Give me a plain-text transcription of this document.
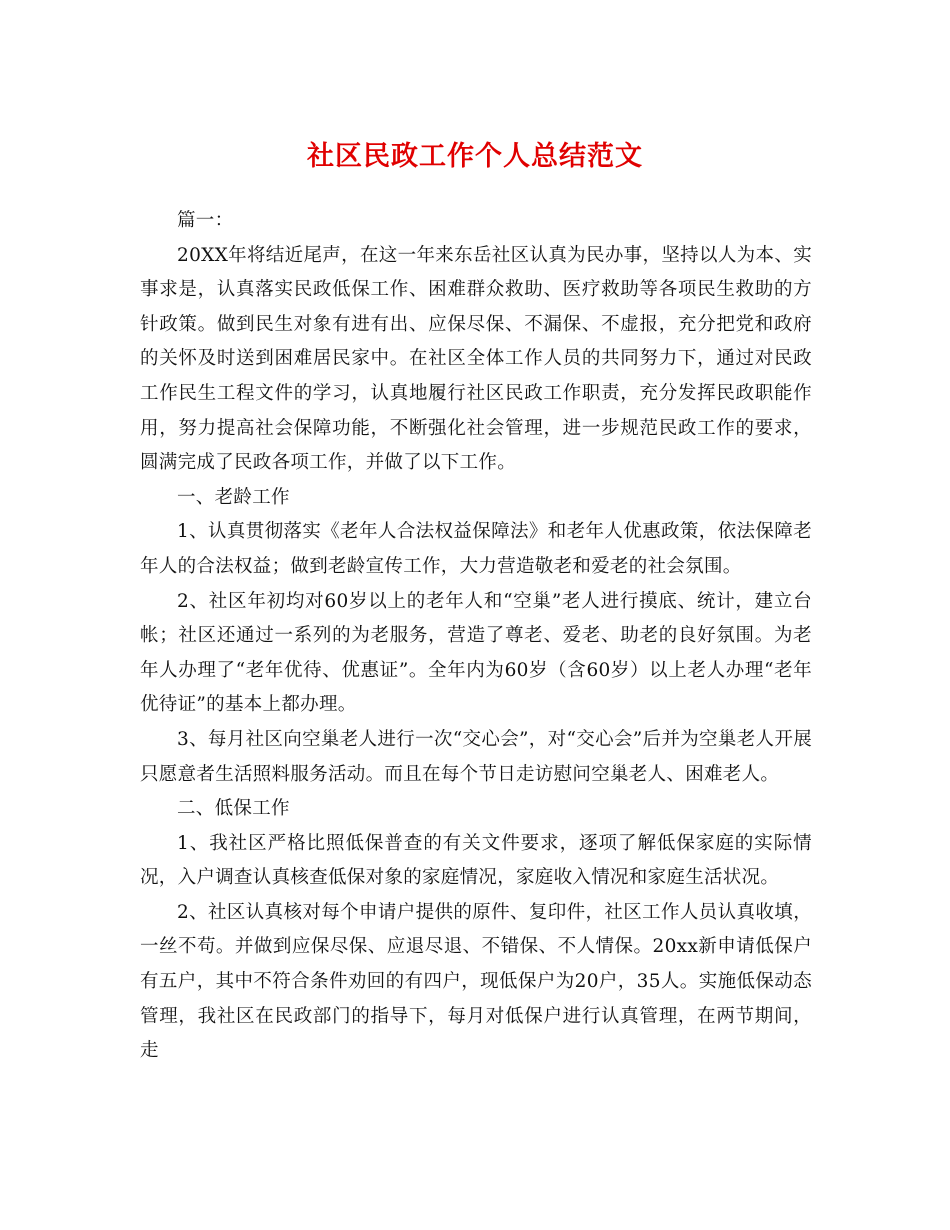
社区民政工作个人总结范文

篇一：

20XX年将结近尾声，在这一年来东岳社区认真为民办事，坚持以人为本、实事求是，认真落实民政低保工作、困难群众救助、医疗救助等各项民生救助的方针政策。做到民生对象有进有出、应保尽保、不漏保、不虚报，充分把党和政府的关怀及时送到困难居民家中。在社区全体工作人员的共同努力下，通过对民政工作民生工程文件的学习，认真地履行社区民政工作职责，充分发挥民政职能作用，努力提高社会保障功能，不断强化社会管理，进一步规范民政工作的要求，圆满完成了民政各项工作，并做了以下工作。

一、老龄工作

1、认真贯彻落实《老年人合法权益保障法》和老年人优惠政策，依法保障老年人的合法权益；做到老龄宣传工作，大力营造敬老和爱老的社会氛围。

2、社区年初均对60岁以上的老年人和“空巢”老人进行摸底、统计，建立台帐；社区还通过一系列的为老服务，营造了尊老、爱老、助老的良好氛围。为老年人办理了“老年优待、优惠证”。全年内为60岁（含60岁）以上老人办理“老年优待证”的基本上都办理。

3、每月社区向空巢老人进行一次“交心会”，对“交心会”后并为空巢老人开展只愿意者生活照料服务活动。而且在每个节日走访慰问空巢老人、困难老人。

二、低保工作

1、我社区严格比照低保普查的有关文件要求，逐项了解低保家庭的实际情况，入户调查认真核查低保对象的家庭情况，家庭收入情况和家庭生活状况。

2、社区认真核对每个申请户提供的原件、复印件，社区工作人员认真收填，一丝不苟。并做到应保尽保、应退尽退、不错保、不人情保。20xx新申请低保户有五户，其中不符合条件劝回的有四户，现低保户为20户，35人。实施低保动态管理，我社区在民政部门的指导下，每月对低保户进行认真管理，在两节期间，走
